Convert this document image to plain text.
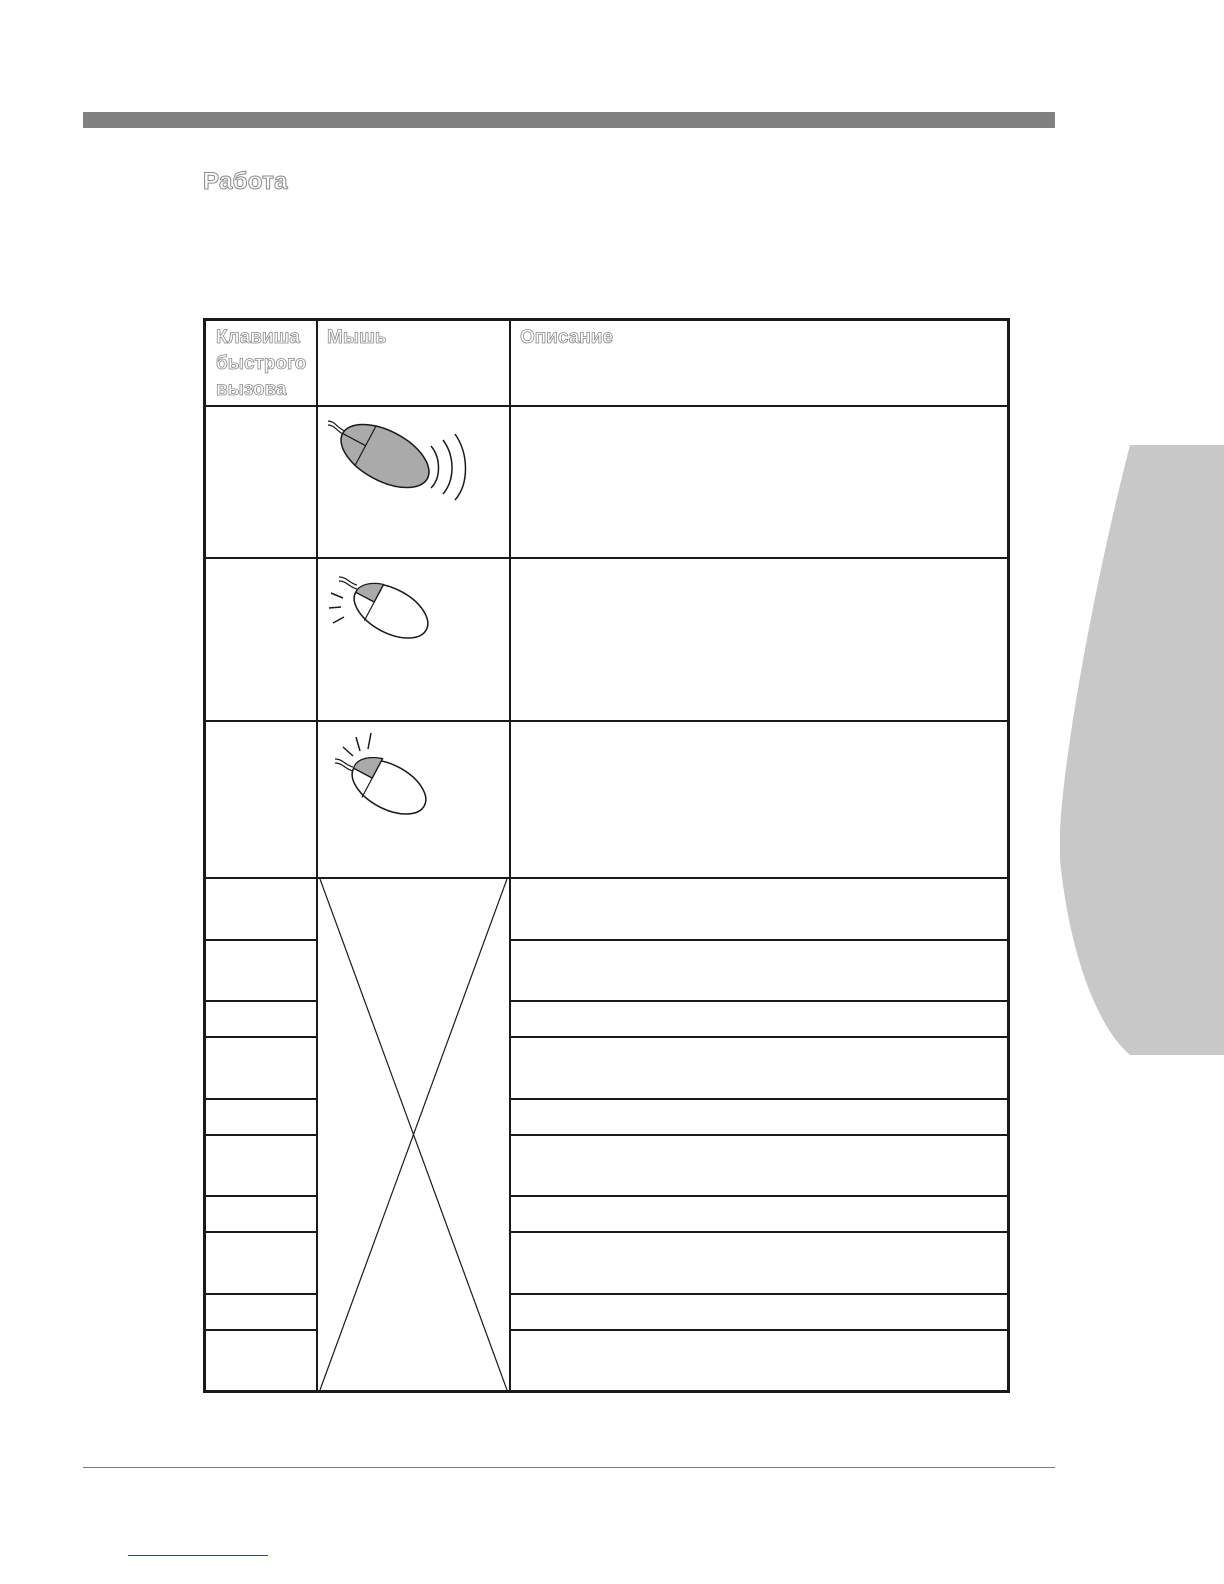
Работа
Клавиша
быстрого
вызова
Мышь	Описание
